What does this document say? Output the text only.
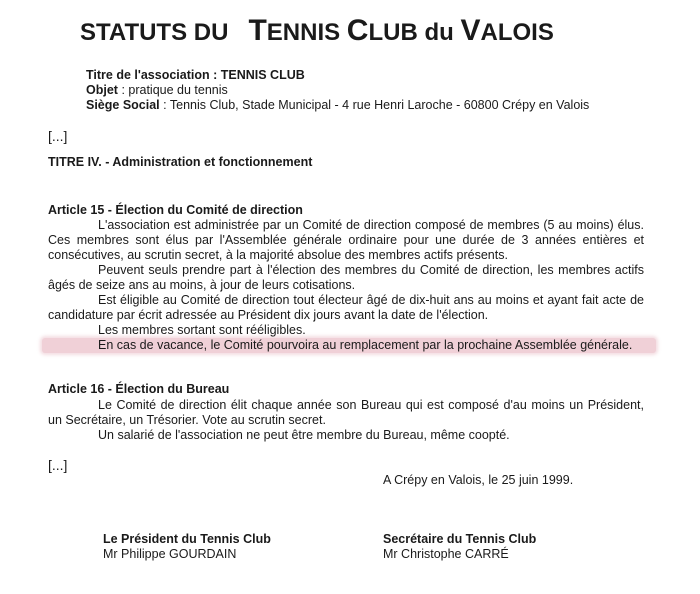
STATUTS DU TENNIS CLUB du VALOIS
Titre de l'association : TENNIS CLUB
Objet : pratique du tennis
Siège Social : Tennis Club, Stade Municipal - 4 rue Henri Laroche - 60800 Crépy en Valois
[...]
TITRE IV. - Administration et fonctionnement
Article 15 - Élection du Comité de direction
L'association est administrée par un Comité de direction composé de membres (5 au moins) élus. Ces membres sont élus par l'Assemblée générale ordinaire pour une durée de 3 années entières et consécutives, au scrutin secret, à la majorité absolue des membres actifs présents.
Peuvent seuls prendre part à l'élection des membres du Comité de direction, les membres actifs âgés de seize ans au moins, à jour de leurs cotisations.
Est éligible au Comité de direction tout électeur âgé de dix-huit ans au moins et ayant fait acte de candidature par écrit adressée au Président dix jours avant la date de l'élection.
Les membres sortant sont rééligibles.
En cas de vacance, le Comité pourvoira au remplacement par la prochaine Assemblée générale.
Article 16 - Élection du Bureau
Le Comité de direction élit chaque année son Bureau qui est composé d'au moins un Président, un Secrétaire, un Trésorier. Vote au scrutin secret.
Un salarié de l'association ne peut être membre du Bureau, même coopté.
[...]
A Crépy en Valois, le 25 juin 1999.
Le Président du Tennis Club
Mr Philippe GOURDAIN
Secrétaire du Tennis Club
Mr Christophe CARRÉ
